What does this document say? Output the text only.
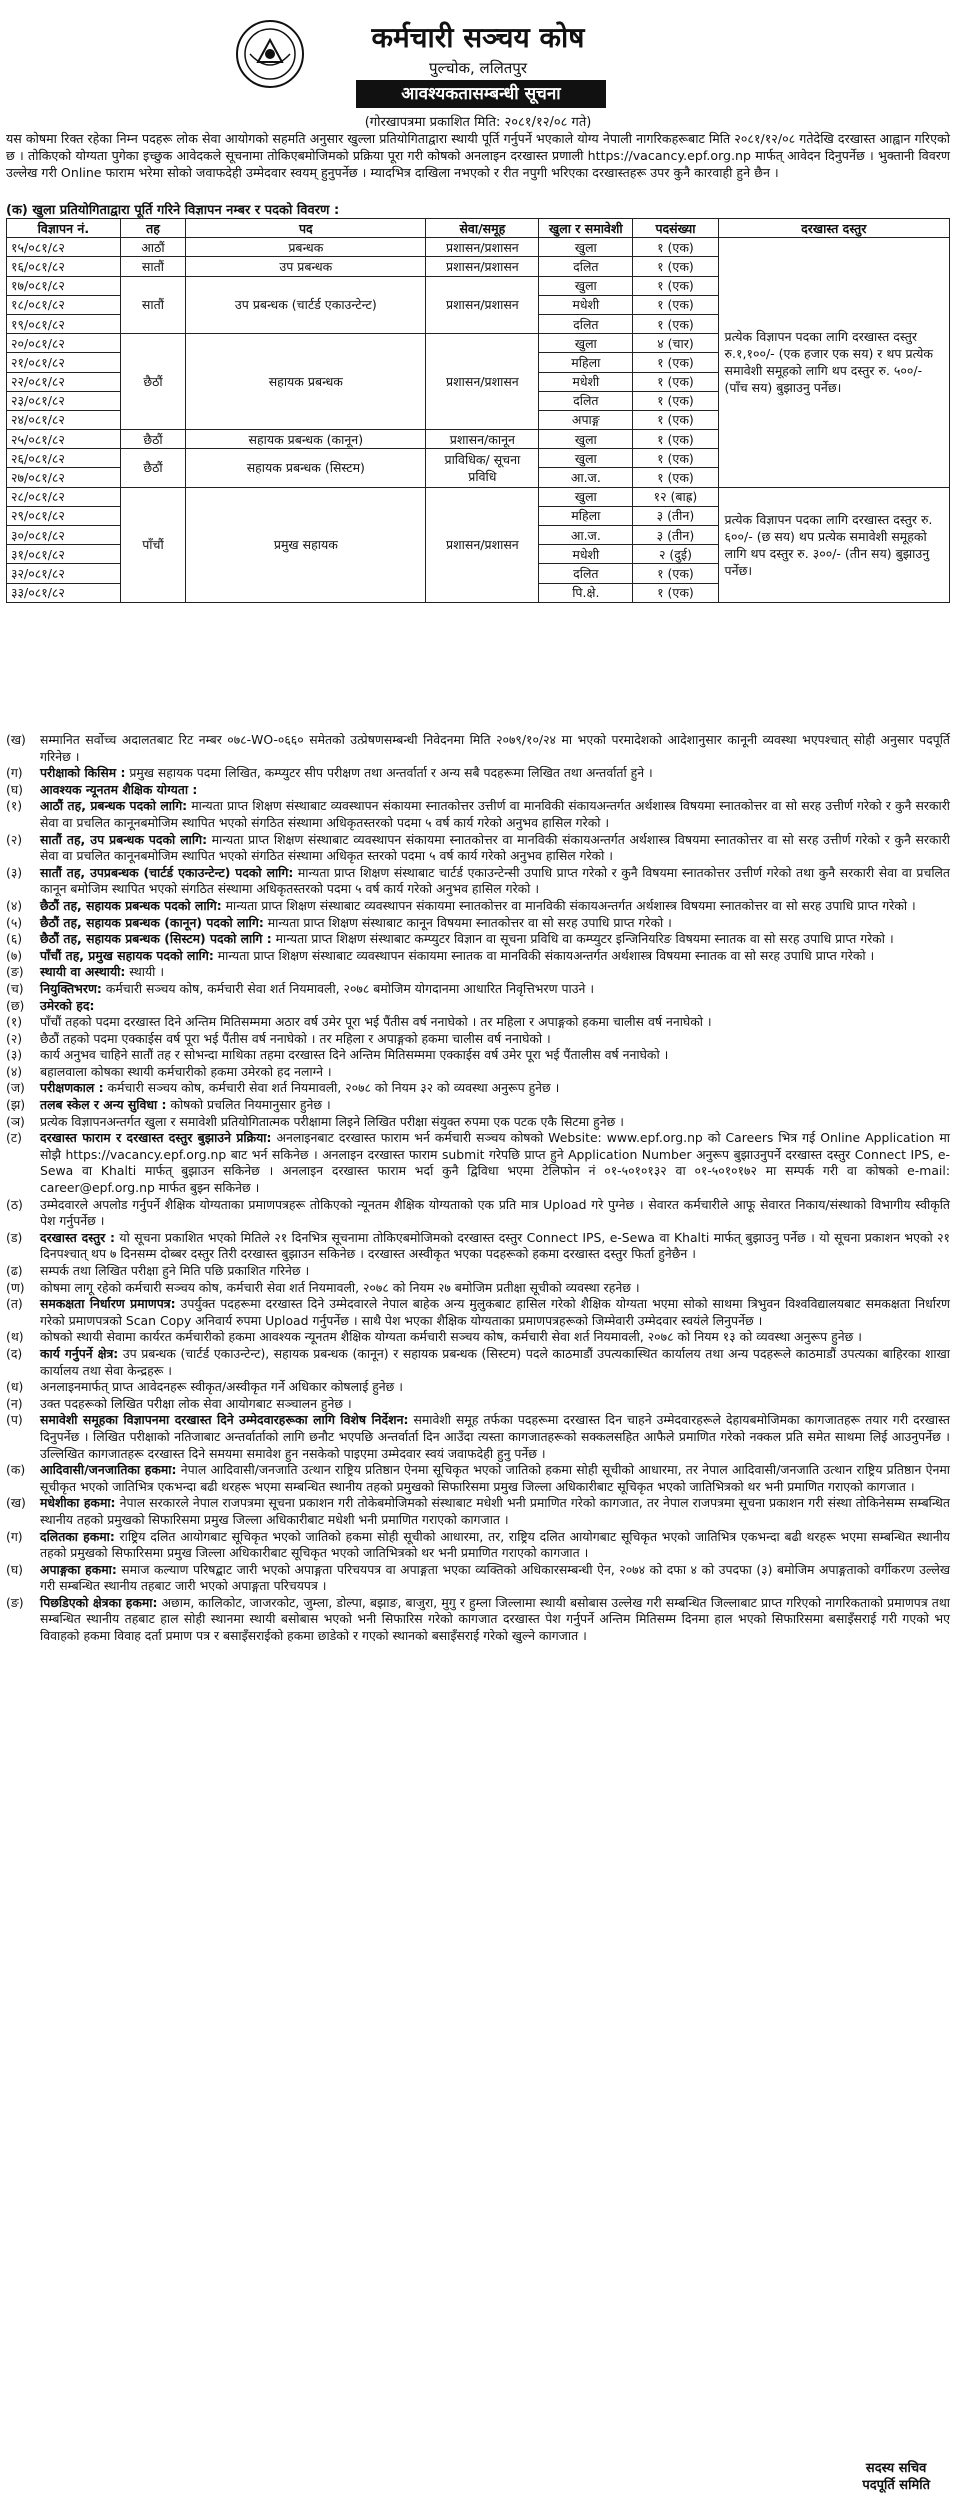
कर्मचारी सञ्चय कोष
पुल्चोक, ललितपुर
आवश्यकतासम्बन्धी सूचना
(गोरखापत्रमा प्रकाशित मिति: २०८१/१२/०८ गते)
यस कोषमा रिक्त रहेका निम्न पदहरू लोक सेवा आयोगको सहमति अनुसार खुल्ला प्रतियोगिताद्वारा स्थायी पूर्ति गर्नुपर्ने भएकाले योग्य नेपाली नागरिकहरूबाट मिति २०८१/१२/०८ गतेदेखि दरखास्त आह्वान गरिएको छ । तोकिएको योग्यता पुगेका इच्छुक आवेदकले सूचनामा तोकिएबमोजिमको प्रक्रिया पूरा गरी कोषको अनलाइन दरखास्त प्रणाली https://vacancy.epf.org.np मार्फत् आवेदन दिनुपर्नेछ । भुक्तानी विवरण उल्लेख गरी Online फाराम भरेमा सोको जवाफदेही उम्मेदवार स्वयम् हुनुपर्नेछ । म्यादभित्र दाखिला नभएको र रीत नपुगी भरिएका दरखास्तहरू उपर कुनै कारवाही हुने छैन ।
(क) खुला प्रतियोगिताद्वारा पूर्ति गरिने विज्ञापन नम्बर र पदको विवरण :
विज्ञापन नं.	तह	पद	सेवा/समूह	खुला र समावेशी	पदसंख्या	दरखास्त दस्तुर
१५/०८१/८२	आठौं	प्रबन्धक	प्रशासन/प्रशासन	खुला	१ (एक)	प्रत्येक विज्ञापन पदका लागि दरखास्त दस्तुर रु.१,१००/- (एक हजार एक सय) र थप प्रत्येक समावेशी समूहको लागि थप दस्तुर रु. ५००/-(पाँच सय) बुझाउनु पर्नेछ।
१६/०८१/८२	सातौं	उप प्रबन्धक	प्रशासन/प्रशासन	दलित	१ (एक)	
१७/०८१/८२	सातौं	उप प्रबन्धक (चार्टर्ड एकाउन्टेन्ट)	प्रशासन/प्रशासन	खुला	१ (एक)	
१८/०८१/८२				मधेशी	१ (एक)	
१९/०८१/८२				दलित	१ (एक)	
२०/०८१/८२	छैठौं	सहायक प्रबन्धक	प्रशासन/प्रशासन	खुला	४ (चार)	
२१/०८१/८२				महिला	१ (एक)	
२२/०८१/८२				मधेशी	१ (एक)	
२३/०८१/८२				दलित	१ (एक)	
२४/०८१/८२				अपाङ्ग	१ (एक)	
२५/०८१/८२	छैठौं	सहायक प्रबन्धक (कानून)	प्रशासन/कानून	खुला	१ (एक)	
२६/०८१/८२	छैठौं	सहायक प्रबन्धक (सिस्टम)	प्राविधिक/ सूचना प्रविधि	खुला	१ (एक)	
२७/०८१/८२				आ.ज.	१ (एक)	
२८/०८१/८२	पाँचौं	प्रमुख सहायक	प्रशासन/प्रशासन	खुला	१२ (बाह्र)	प्रत्येक विज्ञापन पदका लागि दरखास्त दस्तुर रु. ६००/- (छ सय) थप प्रत्येक समावेशी समूहको लागि थप दस्तुर रु. ३००/- (तीन सय) बुझाउनु पर्नेछ।
२९/०८१/८२				महिला	३ (तीन)	
३०/०८१/८२				आ.ज.	३ (तीन)	
३१/०८१/८२				मधेशी	२ (दुई)	
३२/०८१/८२				दलित	१ (एक)	
३३/०८१/८२				पि.क्षे.	१ (एक)	
(ख)	सम्मानित सर्वोच्च अदालतबाट रिट नम्बर ०७८-WO-०६६० समेतको उत्प्रेषणसम्बन्धी निवेदनमा मिति २०७९/१०/२४ मा भएको परमादेशको आदेशानुसार कानूनी व्यवस्था भएपश्चात् सोही अनुसार पदपूर्ति गरिनेछ ।
(ग)	परीक्षाको किसिम : प्रमुख सहायक पदमा लिखित, कम्प्युटर सीप परीक्षण तथा अन्तर्वार्ता र अन्य सबै पदहरूमा लिखित तथा अन्तर्वार्ता हुने ।
(घ)	आवश्यक न्यूनतम शैक्षिक योग्यता :
(१)	आठौं तह, प्रबन्धक पदको लागि: मान्यता प्राप्त शिक्षण संस्थाबाट व्यवस्थापन संकायमा स्नातकोत्तर उत्तीर्ण वा मानविकी संकायअन्तर्गत अर्थशास्त्र विषयमा स्नातकोत्तर वा सो सरह उत्तीर्ण गरेको र कुनै सरकारी सेवा वा प्रचलित कानूनबमोजिम स्थापित भएको संगठित संस्थामा अधिकृतस्तरको पदमा ५ वर्ष कार्य गरेको अनुभव हासिल गरेको ।
(२)	सातौं तह, उप प्रबन्धक पदको लागि: मान्यता प्राप्त शिक्षण संस्थाबाट व्यवस्थापन संकायमा स्नातकोत्तर वा मानविकी संकायअन्तर्गत अर्थशास्त्र विषयमा स्नातकोत्तर वा सो सरह उत्तीर्ण गरेको र कुनै सरकारी सेवा वा प्रचलित कानूनबमोजिम स्थापित भएको संगठित संस्थामा अधिकृत स्तरको पदमा ५ वर्ष कार्य गरेको अनुभव हासिल गरेको ।
(३)	सातौं तह, उपप्रबन्धक (चार्टर्ड एकाउन्टेन्ट) पदको लागि: मान्यता प्राप्त शिक्षण संस्थाबाट चार्टर्ड एकाउन्टेन्सी उपाधि प्राप्त गरेको र कुनै विषयमा स्नातकोत्तर उत्तीर्ण गरेको तथा कुनै सरकारी सेवा वा प्रचलित कानून बमोजिम स्थापित भएको संगठित संस्थामा अधिकृतस्तरको पदमा ५ वर्ष कार्य गरेको अनुभव हासिल गरेको ।
(४)	छैठौं तह, सहायक प्रबन्धक पदको लागि: मान्यता प्राप्त शिक्षण संस्थाबाट व्यवस्थापन संकायमा स्नातकोत्तर वा मानविकी संकायअन्तर्गत अर्थशास्त्र विषयमा स्नातकोत्तर वा सो सरह उपाधि प्राप्त गरेको ।
(५)	छैठौं तह, सहायक प्रबन्धक (कानून) पदको लागि: मान्यता प्राप्त शिक्षण संस्थाबाट कानून विषयमा स्नातकोत्तर वा सो सरह उपाधि प्राप्त गरेको ।
(६)	छैठौं तह, सहायक प्रबन्धक (सिस्टम) पदको लागि : मान्यता प्राप्त शिक्षण संस्थाबाट कम्प्युटर विज्ञान वा सूचना प्रविधि वा कम्प्युटर इन्जिनियरिङ विषयमा स्नातक वा सो सरह उपाधि प्राप्त गरेको ।
(७)	पाँचौं तह, प्रमुख सहायक पदको लागि: मान्यता प्राप्त शिक्षण संस्थाबाट व्यवस्थापन संकायमा स्नातक वा मानविकी संकायअन्तर्गत अर्थशास्त्र विषयमा स्नातक वा सो सरह उपाधि प्राप्त गरेको ।
(ङ)	स्थायी वा अस्थायी: स्थायी ।
(च)	नियुक्तिभरण: कर्मचारी सञ्चय कोष, कर्मचारी सेवा शर्त नियमावली, २०७८ बमोजिम योगदानमा आधारित निवृत्तिभरण पाउने ।
(छ)	उमेरको हद:
(१)	पाँचौं तहको पदमा दरखास्त दिने अन्तिम मितिसम्ममा अठार वर्ष उमेर पूरा भई पैंतीस वर्ष ननाघेको । तर महिला र अपाङ्गको हकमा चालीस वर्ष ननाघेको ।
(२)	छैठौं तहको पदमा एक्काईस वर्ष पूरा भई पैंतीस वर्ष ननाघेको । तर महिला र अपाङ्गको हकमा चालीस वर्ष ननाघेको ।
(३)	कार्य अनुभव चाहिने सातौं तह र सोभन्दा माथिका तहमा दरखास्त दिने अन्तिम मितिसम्ममा एक्काईस वर्ष उमेर पूरा भई पैंतालीस वर्ष ननाघेको ।
(४)	बहालवाला कोषका स्थायी कर्मचारीको हकमा उमेरको हद नलाग्ने ।
(ज)	परीक्षणकाल : कर्मचारी सञ्चय कोष, कर्मचारी सेवा शर्त नियमावली, २०७८ को नियम ३२ को व्यवस्था अनुरूप हुनेछ ।
(झ)	तलब स्केल र अन्य सुविधा : कोषको प्रचलित नियमानुसार हुनेछ ।
(ञ)	प्रत्येक विज्ञापनअन्तर्गत खुला र समावेशी प्रतियोगितात्मक परीक्षामा लिइने लिखित परीक्षा संयुक्त रुपमा एक पटक एकै सिटमा हुनेछ ।
(ट)	दरखास्त फाराम र दरखास्त दस्तुर बुझाउने प्रक्रिया: अनलाइनबाट दरखास्त फाराम भर्न कर्मचारी सञ्चय कोषको Website: www.epf.org.np को Careers भित्र गई Online Application मा सोझै https://vacancy.epf.org.np बाट भर्न सकिनेछ । अनलाइन दरखास्त फाराम submit गरेपछि प्राप्त हुने Application Number अनुरूप बुझाउनुपर्ने दरखास्त दस्तुर Connect IPS, e-Sewa वा Khalti मार्फत् बुझाउन सकिनेछ । अनलाइन दरखास्त फाराम भर्दा कुनै द्विविधा भएमा टेलिफोन नं ०१-५०१०१३२ वा ०१-५०१०१७२ मा सम्पर्क गरी वा कोषको e-mail: career@epf.org.np मार्फत बुझ्न सकिनेछ ।
(ठ)	उम्मेदवारले अपलोड गर्नुपर्ने शैक्षिक योग्यताका प्रमाणपत्रहरू तोकिएको न्यूनतम शैक्षिक योग्यताको एक प्रति मात्र Upload गरे पुग्नेछ । सेवारत कर्मचारीले आफू सेवारत निकाय/संस्थाको विभागीय स्वीकृति पेश गर्नुपर्नेछ ।
(ड)	दरखास्त दस्तुर : यो सूचना प्रकाशित भएको मितिले २१ दिनभित्र सूचनामा तोकिएबमोजिमको दरखास्त दस्तुर Connect IPS, e-Sewa वा Khalti मार्फत् बुझाउनु पर्नेछ । यो सूचना प्रकाशन भएको २१ दिनपश्चात् थप ७ दिनसम्म दोब्बर दस्तुर तिरी दरखास्त बुझाउन सकिनेछ । दरखास्त अस्वीकृत भएका पदहरूको हकमा दरखास्त दस्तुर फिर्ता हुनेछैन ।
(ढ)	सम्पर्क तथा लिखित परीक्षा हुने मिति पछि प्रकाशित गरिनेछ ।
(ण)	कोषमा लागू रहेको कर्मचारी सञ्चय कोष, कर्मचारी सेवा शर्त नियमावली, २०७८ को नियम २७ बमोजिम प्रतीक्षा सूचीको व्यवस्था रहनेछ ।
(त)	समकक्षता निर्धारण प्रमाणपत्र: उपर्युक्त पदहरूमा दरखास्त दिने उम्मेदवारले नेपाल बाहेक अन्य मुलुकबाट हासिल गरेको शैक्षिक योग्यता भएमा सोको साथमा त्रिभुवन विश्वविद्यालयबाट समकक्षता निर्धारण गरेको प्रमाणपत्रको Scan Copy अनिवार्य रुपमा Upload गर्नुपर्नेछ । साथै पेश भएका शैक्षिक योग्यताका प्रमाणपत्रहरूको जिम्मेवारी उम्मेदवार स्वयंले लिनुपर्नेछ ।
(थ)	कोषको स्थायी सेवामा कार्यरत कर्मचारीको हकमा आवश्यक न्यूनतम शैक्षिक योग्यता कर्मचारी सञ्चय कोष, कर्मचारी सेवा शर्त नियमावली, २०७८ को नियम १३ को व्यवस्था अनुरूप हुनेछ ।
(द)	कार्य गर्नुपर्ने क्षेत्र: उप प्रबन्धक (चार्टर्ड एकाउन्टेन्ट), सहायक प्रबन्धक (कानून) र सहायक प्रबन्धक (सिस्टम) पदले काठमाडौं उपत्यकास्थित कार्यालय तथा अन्य पदहरूले काठमाडौं उपत्यका बाहिरका शाखा कार्यालय तथा सेवा केन्द्रहरू ।
(ध)	अनलाइनमार्फत् प्राप्त आवेदनहरू स्वीकृत/अस्वीकृत गर्ने अधिकार कोषलाई हुनेछ ।
(न)	उक्त पदहरूको लिखित परीक्षा लोक सेवा आयोगबाट सञ्चालन हुनेछ ।
(प)	समावेशी समूहका विज्ञापनमा दरखास्त दिने उम्मेदवारहरूका लागि विशेष निर्देशन: समावेशी समूह तर्फका पदहरूमा दरखास्त दिन चाहने उम्मेदवारहरूले देहायबमोजिमका कागजातहरू तयार गरी दरखास्त दिनुपर्नेछ । लिखित परीक्षाको नतिजाबाट अन्तर्वार्ताको लागि छनौट भएपछि अन्तर्वार्ता दिन आउँदा त्यस्ता कागजातहरूको सक्कलसहित आफैले प्रमाणित गरेको नक्कल प्रति समेत साथमा लिई आउनुपर्नेछ । उल्लिखित कागजातहरू दरखास्त दिने समयमा समावेश हुन नसकेको पाइएमा उम्मेदवार स्वयं जवाफदेही हुनु पर्नेछ ।
(क)	आदिवासी/जनजातिका हकमा: नेपाल आदिवासी/जनजाति उत्थान राष्ट्रिय प्रतिष्ठान ऐनमा सूचिकृत भएको जातिको हकमा सोही सूचीको आधारमा, तर नेपाल आदिवासी/जनजाति उत्थान राष्ट्रिय प्रतिष्ठान ऐनमा सूचीकृत भएको जातिभित्र एकभन्दा बढी थरहरू भएमा सम्बन्धित स्थानीय तहको प्रमुखको सिफारिसमा प्रमुख जिल्ला अधिकारीबाट सूचिकृत भएको जातिभित्रको थर भनी प्रमाणित गराएको कागजात ।
(ख)	मधेशीका हकमा: नेपाल सरकारले नेपाल राजपत्रमा सूचना प्रकाशन गरी तोकेबमोजिमको संस्थाबाट मधेशी भनी प्रमाणित गरेको कागजात, तर नेपाल राजपत्रमा सूचना प्रकाशन गरी संस्था तोकिनेसम्म सम्बन्धित स्थानीय तहको प्रमुखको सिफारिसमा प्रमुख जिल्ला अधिकारीबाट मधेशी भनी प्रमाणित गराएको कागजात ।
(ग)	दलितका हकमा: राष्ट्रिय दलित आयोगबाट सूचिकृत भएको जातिको हकमा सोही सूचीको आधारमा, तर, राष्ट्रिय दलित आयोगबाट सूचिकृत भएको जातिभित्र एकभन्दा बढी थरहरू भएमा सम्बन्धित स्थानीय तहको प्रमुखको सिफारिसमा प्रमुख जिल्ला अधिकारीबाट सूचिकृत भएको जातिभित्रको थर भनी प्रमाणित गराएको कागजात ।
(घ)	अपाङ्गका हकमा: समाज कल्याण परिषद्बाट जारी भएको अपाङ्गता परिचयपत्र वा अपाङ्गता भएका व्यक्तिको अधिकारसम्बन्धी ऐन, २०७४ को दफा ४ को उपदफा (३) बमोजिम अपाङ्गताको वर्गीकरण उल्लेख गरी सम्बन्धित स्थानीय तहबाट जारी भएको अपाङ्गता परिचयपत्र ।
(ङ)	पिछडिएको क्षेत्रका हकमा: अछाम, कालिकोट, जाजरकोट, जुम्ला, डोल्पा, बझाङ, बाजुरा, मुगु र हुम्ला जिल्लामा स्थायी बसोबास उल्लेख गरी सम्बन्धित जिल्लाबाट प्राप्त गरिएको नागरिकताको प्रमाणपत्र तथा सम्बन्धित स्थानीय तहबाट हाल सोही स्थानमा स्थायी बसोबास भएको भनी सिफारिस गरेको कागजात दरखास्त पेश गर्नुपर्ने अन्तिम मितिसम्म दिनमा हाल भएको सिफारिसमा बसाइँसराई गरी गएको भए विवाहको हकमा विवाह दर्ता प्रमाण पत्र र बसाइँसराईको हकमा छाडेको र गएको स्थानको बसाइँसराई गरेको खुल्ने कागजात ।
सदस्य सचिव
पदपूर्ति समिति
